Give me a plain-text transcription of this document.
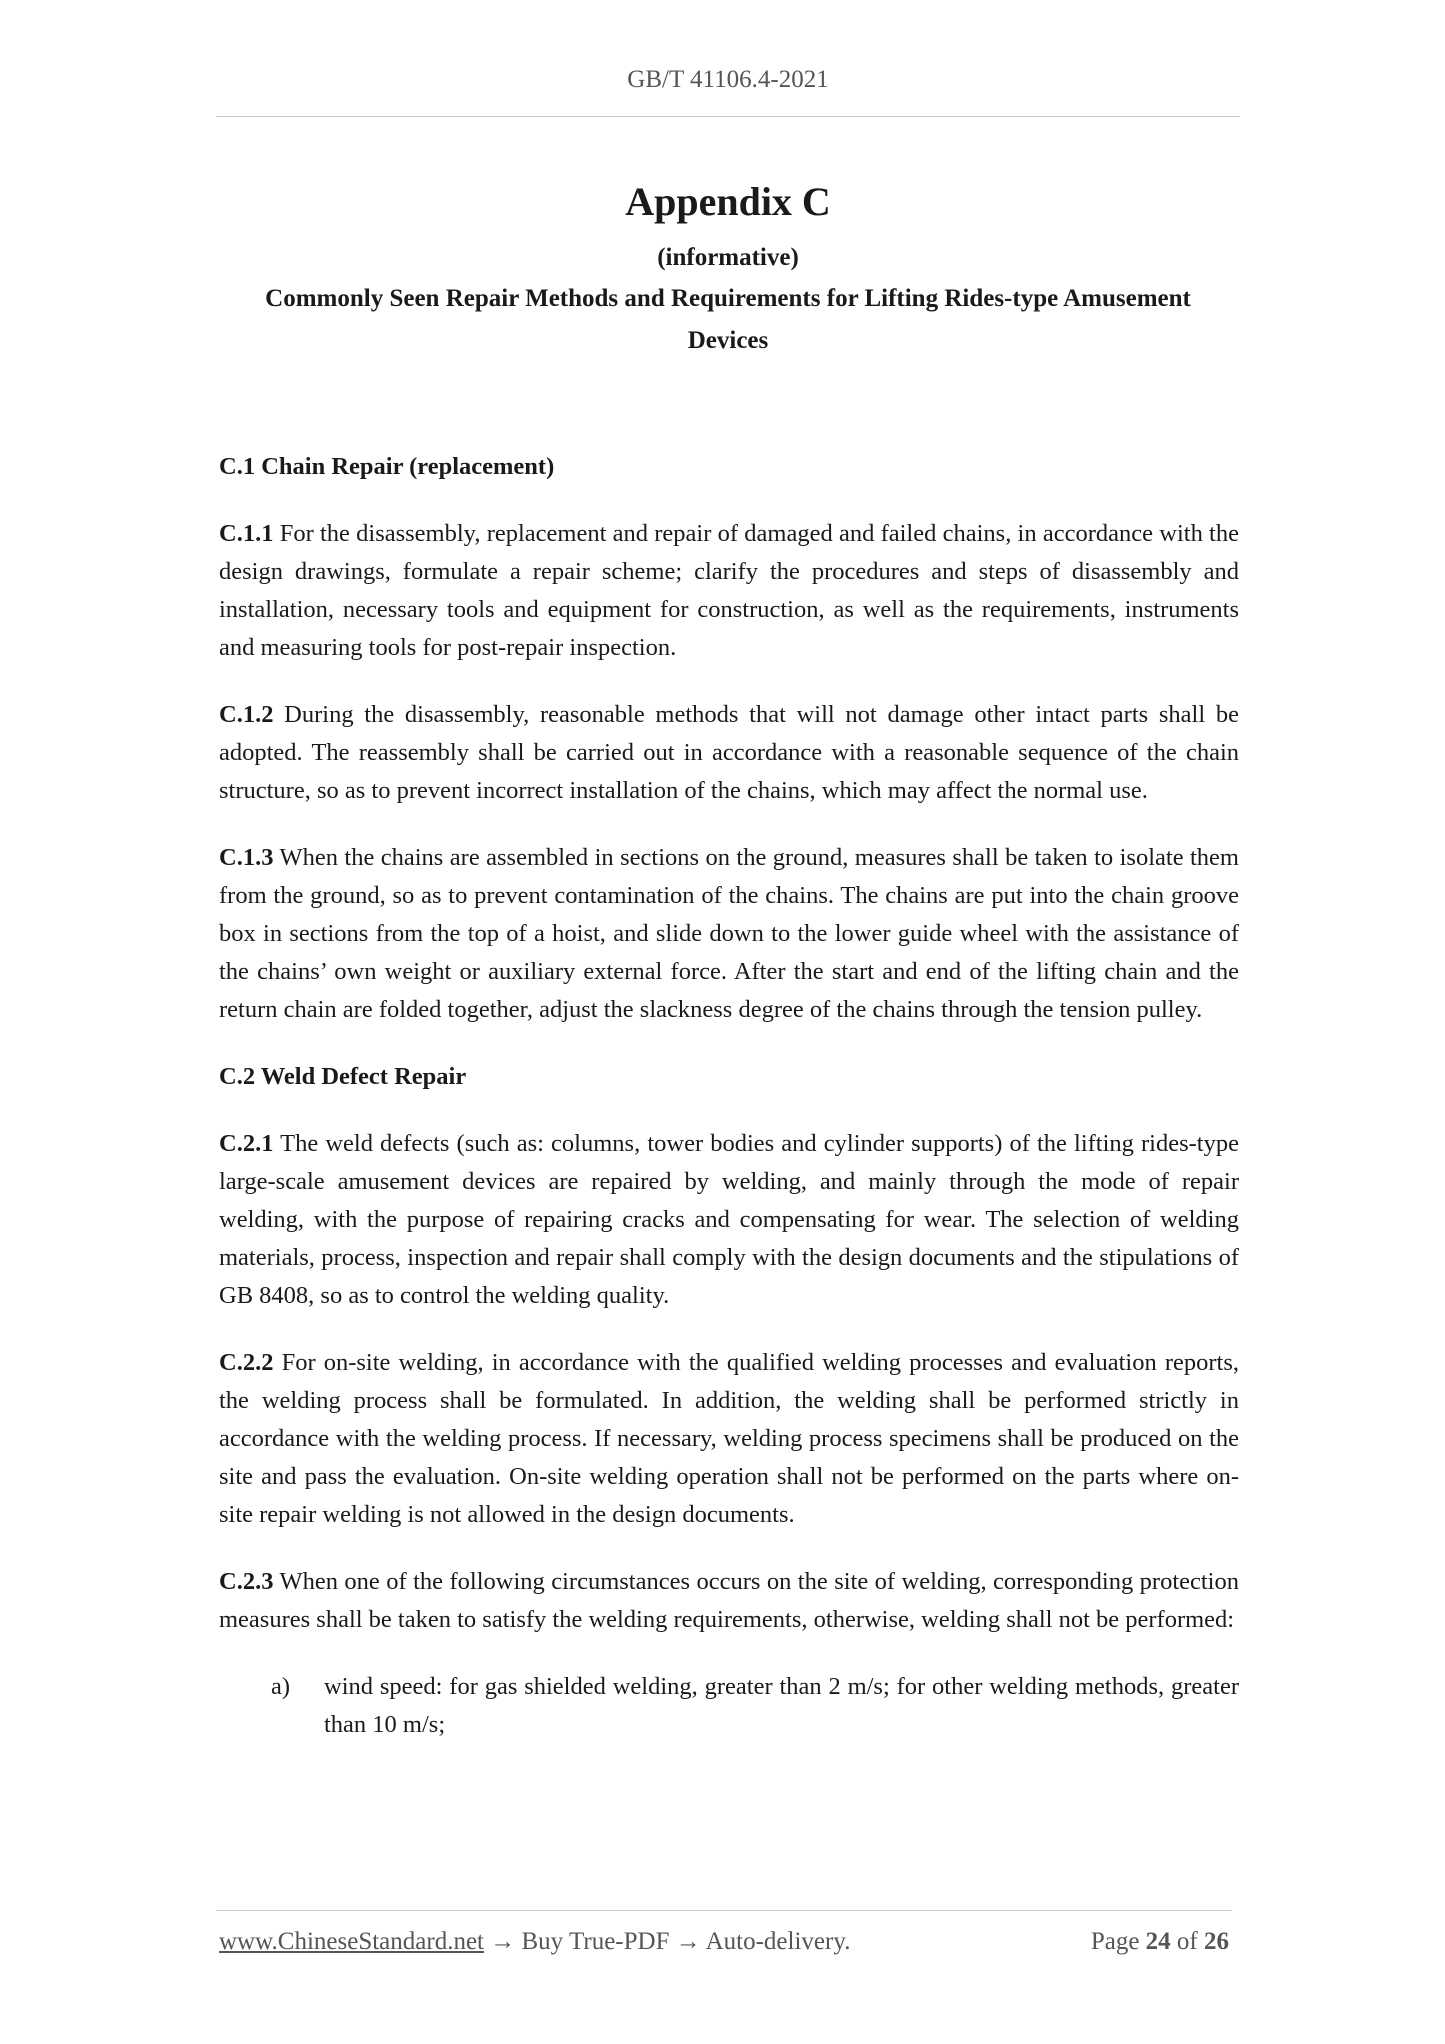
GB/T 41106.4-2021
Appendix C
(informative)
Commonly Seen Repair Methods and Requirements for Lifting Rides-type Amusement
Devices
C.1 Chain Repair (replacement)
C.1.1 For the disassembly, replacement and repair of damaged and failed chains, in accordance with the design drawings, formulate a repair scheme; clarify the procedures and steps of disassembly and installation, necessary tools and equipment for construction, as well as the requirements, instruments and measuring tools for post-repair inspection.
C.1.2 During the disassembly, reasonable methods that will not damage other intact parts shall be adopted. The reassembly shall be carried out in accordance with a reasonable sequence of the chain structure, so as to prevent incorrect installation of the chains, which may affect the normal use.
C.1.3 When the chains are assembled in sections on the ground, measures shall be taken to isolate them from the ground, so as to prevent contamination of the chains. The chains are put into the chain groove box in sections from the top of a hoist, and slide down to the lower guide wheel with the assistance of the chains’ own weight or auxiliary external force. After the start and end of the lifting chain and the return chain are folded together, adjust the slackness degree of the chains through the tension pulley.
C.2 Weld Defect Repair
C.2.1 The weld defects (such as: columns, tower bodies and cylinder supports) of the lifting rides-type large-scale amusement devices are repaired by welding, and mainly through the mode of repair welding, with the purpose of repairing cracks and compensating for wear. The selection of welding materials, process, inspection and repair shall comply with the design documents and the stipulations of GB 8408, so as to control the welding quality.
C.2.2 For on-site welding, in accordance with the qualified welding processes and evaluation reports, the welding process shall be formulated. In addition, the welding shall be performed strictly in accordance with the welding process. If necessary, welding process specimens shall be produced on the site and pass the evaluation. On-site welding operation shall not be performed on the parts where on-site repair welding is not allowed in the design documents.
C.2.3 When one of the following circumstances occurs on the site of welding, corresponding protection measures shall be taken to satisfy the welding requirements, otherwise, welding shall not be performed:
a) wind speed: for gas shielded welding, greater than 2 m/s; for other welding methods, greater than 10 m/s;
www.ChineseStandard.net → Buy True-PDF → Auto-delivery.	Page 24 of 26
